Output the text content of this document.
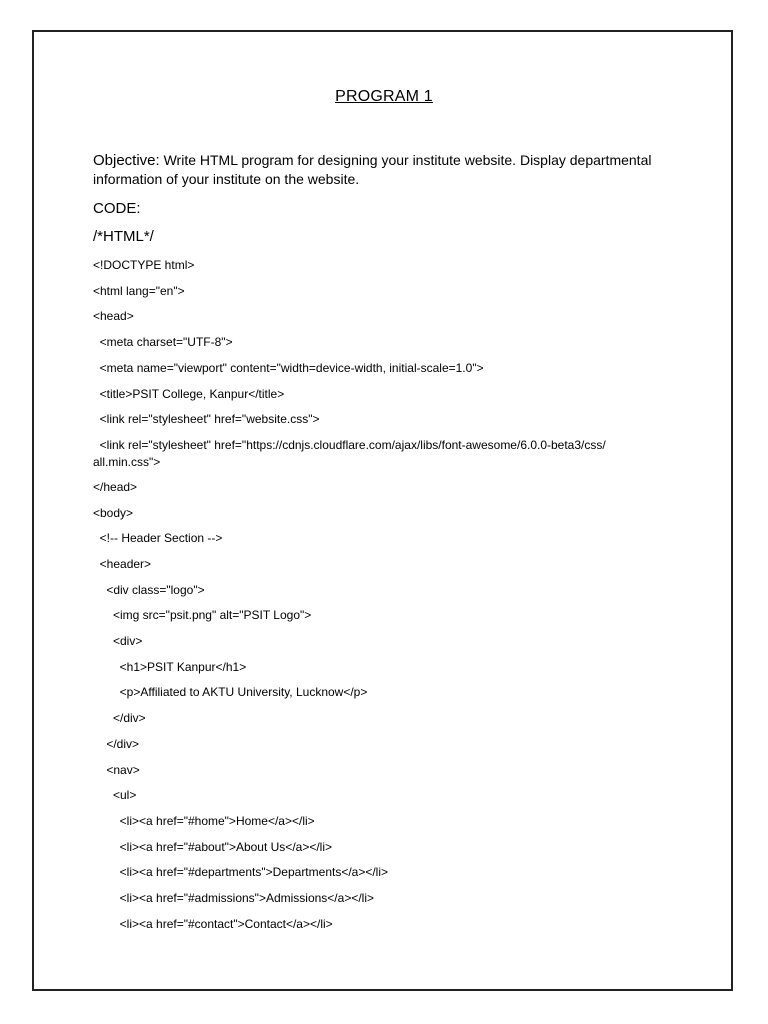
PROGRAM 1
Objective: Write HTML program for designing your institute website. Display departmental information of your institute on the website.
CODE:
/*HTML*/
<!DOCTYPE html>
<html lang="en">
<head>
<meta charset="UTF-8">
<meta name="viewport" content="width=device-width, initial-scale=1.0">
<title>PSIT College, Kanpur</title>
<link rel="stylesheet" href="website.css">
<link rel="stylesheet" href="https://cdnjs.cloudflare.com/ajax/libs/font-awesome/6.0.0-beta3/css/
all.min.css">
</head>
<body>
<!-- Header Section -->
<header>
<div class="logo">
<img src="psit.png" alt="PSIT Logo">
<div>
<h1>PSIT Kanpur</h1>
<p>Affiliated to AKTU University, Lucknow</p>
</div>
</div>
<nav>
<ul>
<li><a href="#home">Home</a></li>
<li><a href="#about">About Us</a></li>
<li><a href="#departments">Departments</a></li>
<li><a href="#admissions">Admissions</a></li>
<li><a href="#contact">Contact</a></li>
